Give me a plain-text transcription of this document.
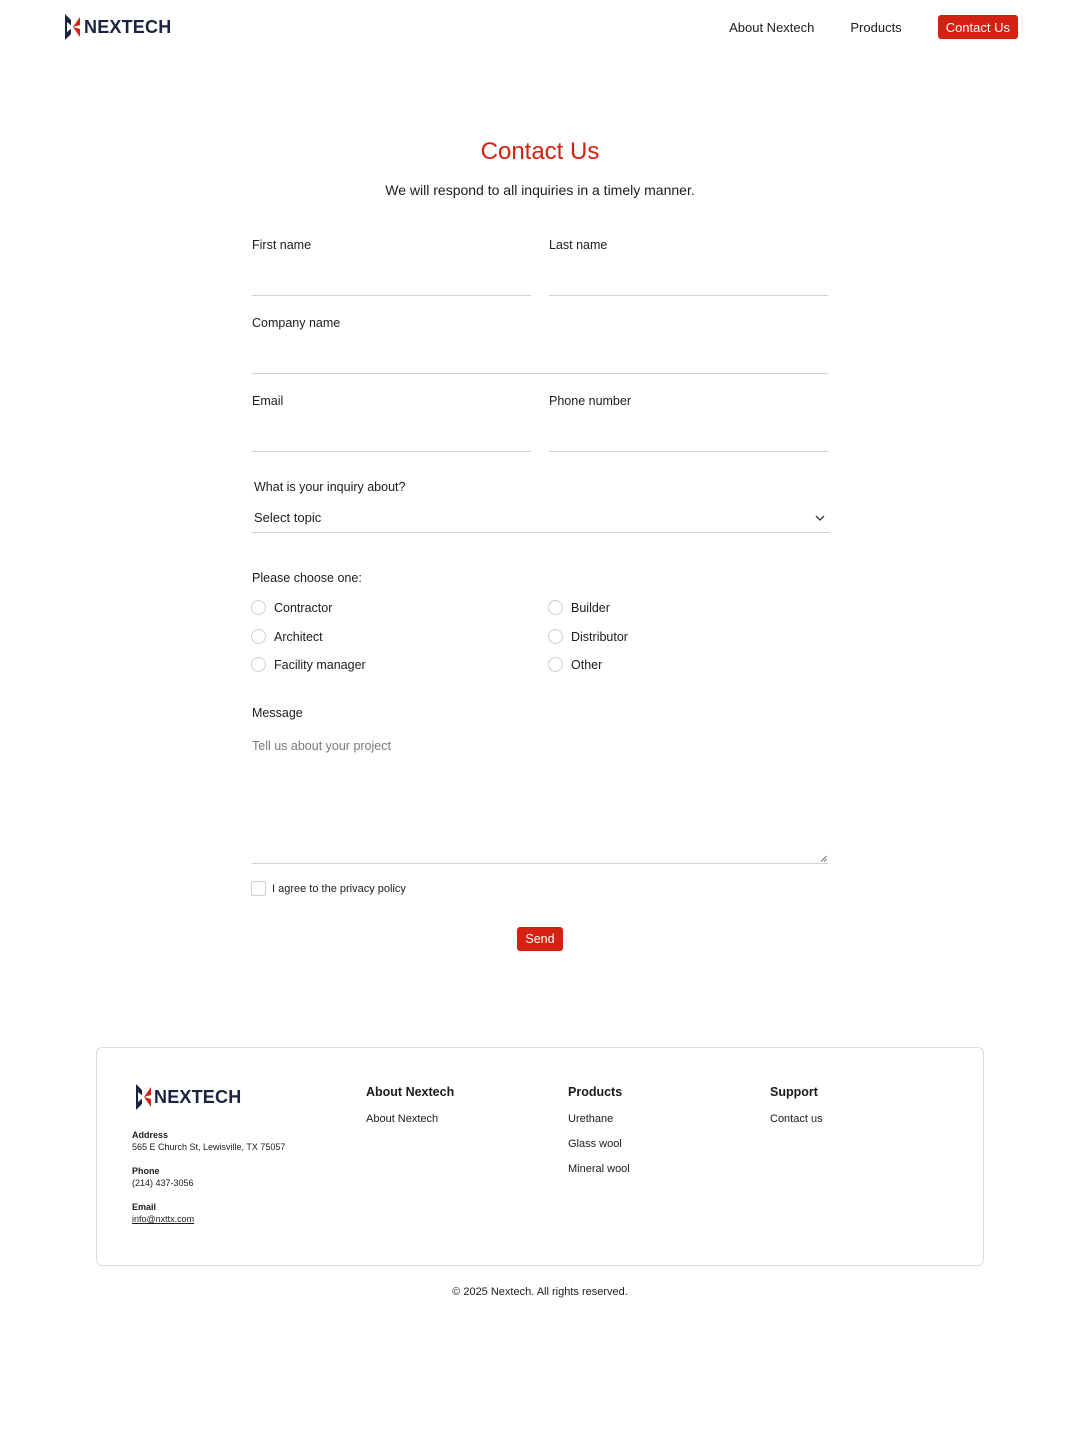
NEXTECH	About Nextech	Products	Contact Us
Contact Us

We will respond to all inquiries in a timely manner.

First name	Last name
Company name
Email	Phone number
What is your inquiry about?
Select topic
Please choose one:
Contractor	Builder
Architect	Distributor
Facility manager	Other
Message
Tell us about your project
I agree to the privacy policy
Send
NEXTECH
Address
565 E Church St, Lewisville, TX 75057
Phone
(214) 437-3056
Email
info@nxttx.com
About Nextech
About Nextech
Products
Urethane
Glass wool
Mineral wool
Support
Contact us

© 2025 Nextech. All rights reserved.
